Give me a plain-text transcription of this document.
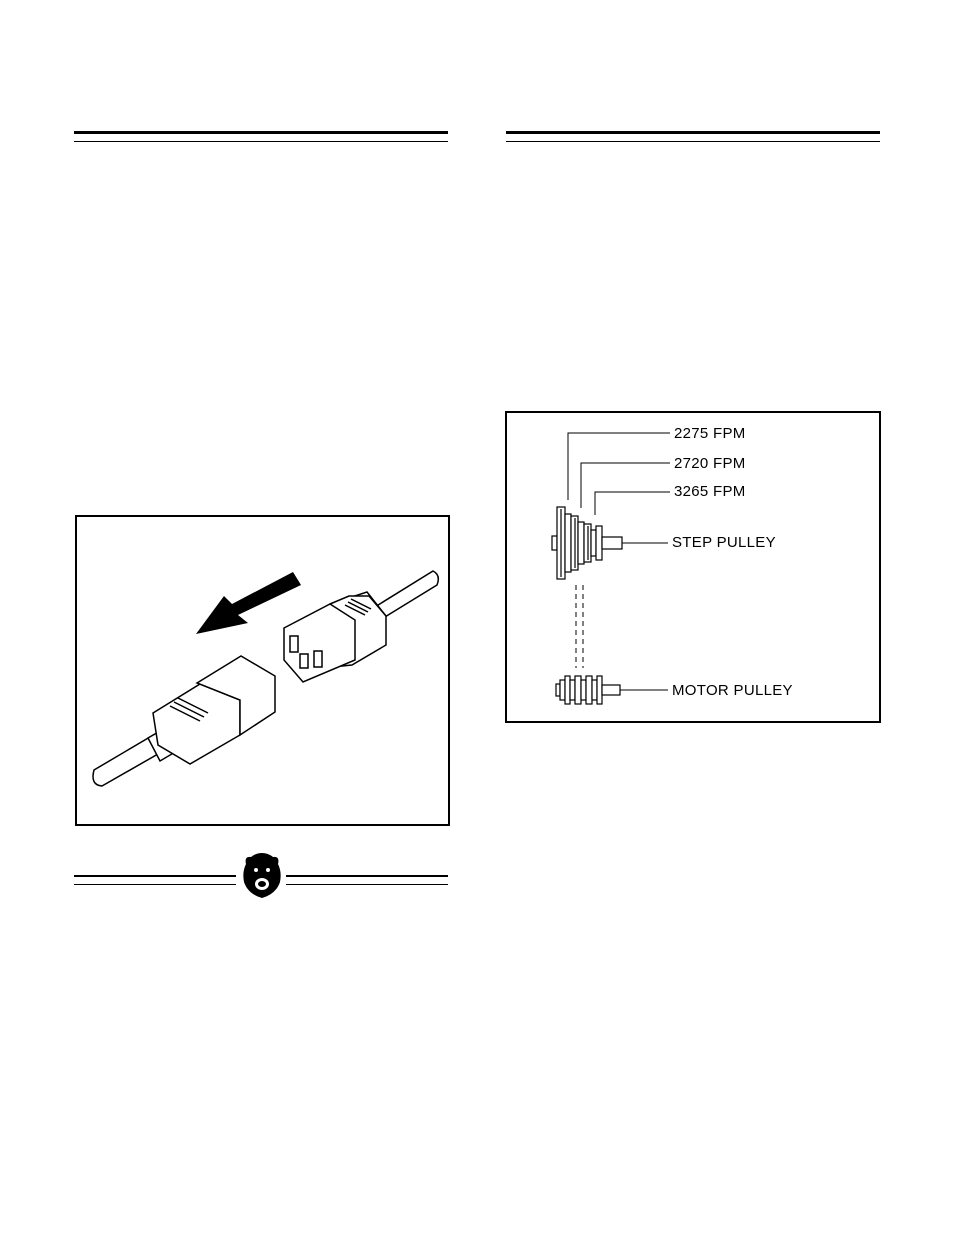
2275 FPM
2720 FPM
3265 FPM
STEP PULLEY
MOTOR PULLEY
